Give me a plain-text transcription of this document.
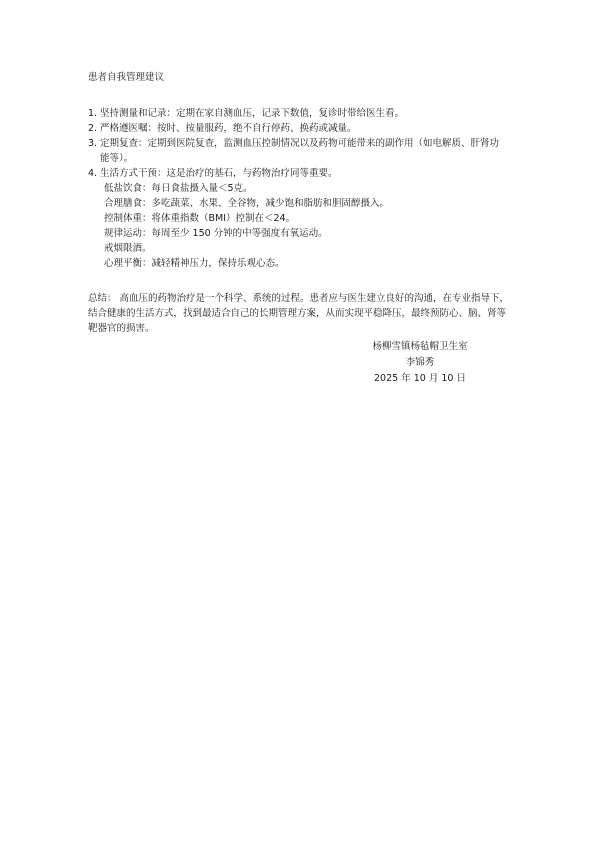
患者自我管理建议
1. 坚持测量和记录：定期在家自测血压，记录下数值，复诊时带给医生看。
2. 严格遵医嘱：按时、按量服药，绝不自行停药、换药或减量。
3. 定期复查：定期到医院复查，监测血压控制情况以及药物可能带来的副作用（如电解质、肝肾功能等）。
4. 生活方式干预：这是治疗的基石，与药物治疗同等重要。
低盐饮食：每日食盐摄入量＜5克。
合理膳食：多吃蔬菜、水果、全谷物，减少饱和脂肪和胆固醇摄入。
控制体重：将体重指数（BMI）控制在＜24。
规律运动：每周至少 150 分钟的中等强度有氧运动。
戒烟限酒。
心理平衡：减轻精神压力，保持乐观心态。
总结： 高血压的药物治疗是一个科学、系统的过程。患者应与医生建立良好的沟通，在专业指导下，结合健康的生活方式，找到最适合自己的长期管理方案，从而实现平稳降压，最终预防心、脑、肾等靶器官的损害。
杨柳雪镇杨毡帽卫生室
李锦秀
2025 年 10 月 10 日
